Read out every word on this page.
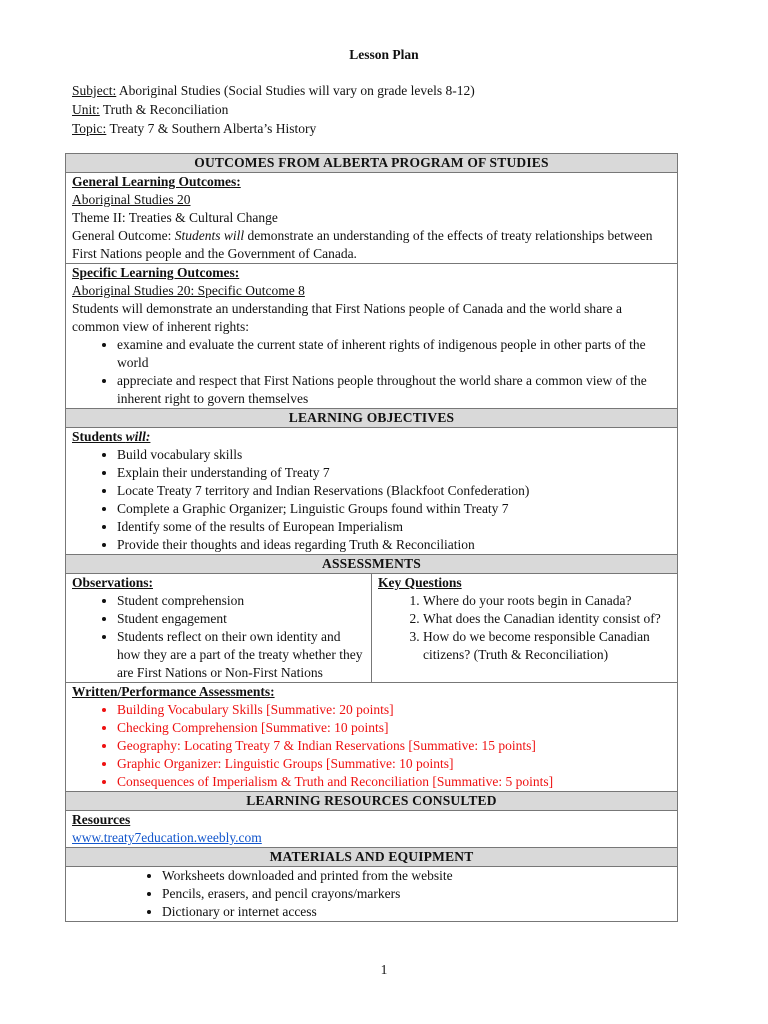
Lesson Plan
Subject: Aboriginal Studies (Social Studies will vary on grade levels 8-12)
Unit: Truth & Reconciliation
Topic: Treaty 7 & Southern Alberta’s History
OUTCOMES FROM ALBERTA PROGRAM OF STUDIES

General Learning Outcomes:
Aboriginal Studies 20
Theme II: Treaties & Cultural Change
General Outcome: Students will demonstrate an understanding of the effects of treaty relationships between First Nations people and the Government of Canada.

Specific Learning Outcomes:
Aboriginal Studies 20: Specific Outcome 8
Students will demonstrate an understanding that First Nations people of Canada and the world share a common view of inherent rights:
• examine and evaluate the current state of inherent rights of indigenous people in other parts of the world
• appreciate and respect that First Nations people throughout the world share a common view of the inherent right to govern themselves

LEARNING OBJECTIVES

Students will:
• Build vocabulary skills
• Explain their understanding of Treaty 7
• Locate Treaty 7 territory and Indian Reservations (Blackfoot Confederation)
• Complete a Graphic Organizer; Linguistic Groups found within Treaty 7
• Identify some of the results of European Imperialism
• Provide their thoughts and ideas regarding Truth & Reconciliation

ASSESSMENTS

Observations:
• Student comprehension
• Student engagement
• Students reflect on their own identity and how they are a part of the treaty whether they are First Nations or Non-First Nations

Key Questions
1. Where do your roots begin in Canada?
2. What does the Canadian identity consist of?
3. How do we become responsible Canadian citizens? (Truth & Reconciliation)

Written/Performance Assessments:
• Building Vocabulary Skills [Summative: 20 points]
• Checking Comprehension [Summative: 10 points]
• Geography: Locating Treaty 7 & Indian Reservations [Summative: 15 points]
• Graphic Organizer: Linguistic Groups [Summative: 10 points]
• Consequences of Imperialism & Truth and Reconciliation [Summative: 5 points]

LEARNING RESOURCES CONSULTED

Resources
www.treaty7education.weebly.com
MATERIALS AND EQUIPMENT

• Worksheets downloaded and printed from the website
• Pencils, erasers, and pencil crayons/markers
• Dictionary or internet access
1
